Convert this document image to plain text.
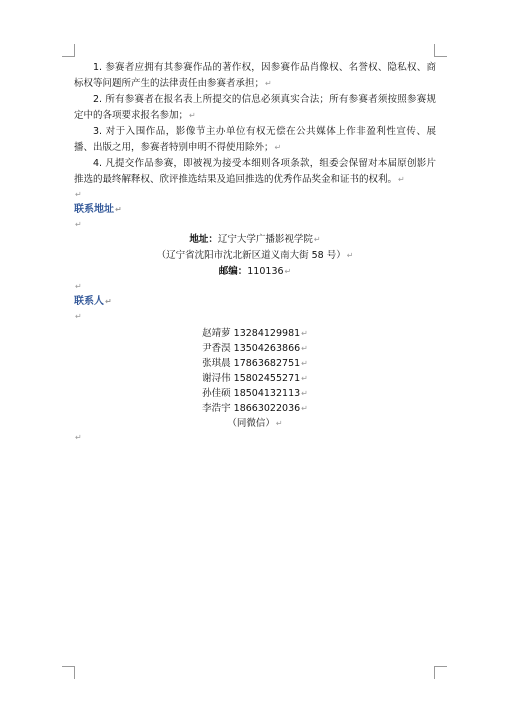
1. 参赛者应拥有其参赛作品的著作权，因参赛作品肖像权、名誉权、隐私权、商标权等问题所产生的法律责任由参赛者承担；↵

2. 所有参赛者在报名表上所提交的信息必须真实合法；所有参赛者须按照参赛规定中的各项要求报名参加；↵

3. 对于入围作品，影像节主办单位有权无偿在公共媒体上作非盈利性宣传、展播、出版之用，参赛者特别申明不得使用除外；↵

4. 凡提交作品参赛，即被视为接受本细则各项条款，组委会保留对本届原创影片推选的最终解释权、欣评推选结果及追回推选的优秀作品奖金和证书的权利。↵

↵
联系地址↵
↵
地址：辽宁大学广播影视学院↵
（辽宁省沈阳市沈北新区道义南大街 58 号）↵
邮编：110136↵
↵
联系人↵
↵
赵靖萝 13284129981↵
尹香淏 13504263866↵
张琪晨 17863682751↵
谢浔伟 15802455271↵
孙佳硕 18504132113↵
李浩宇 18663022036↵
（同微信）↵
↵
